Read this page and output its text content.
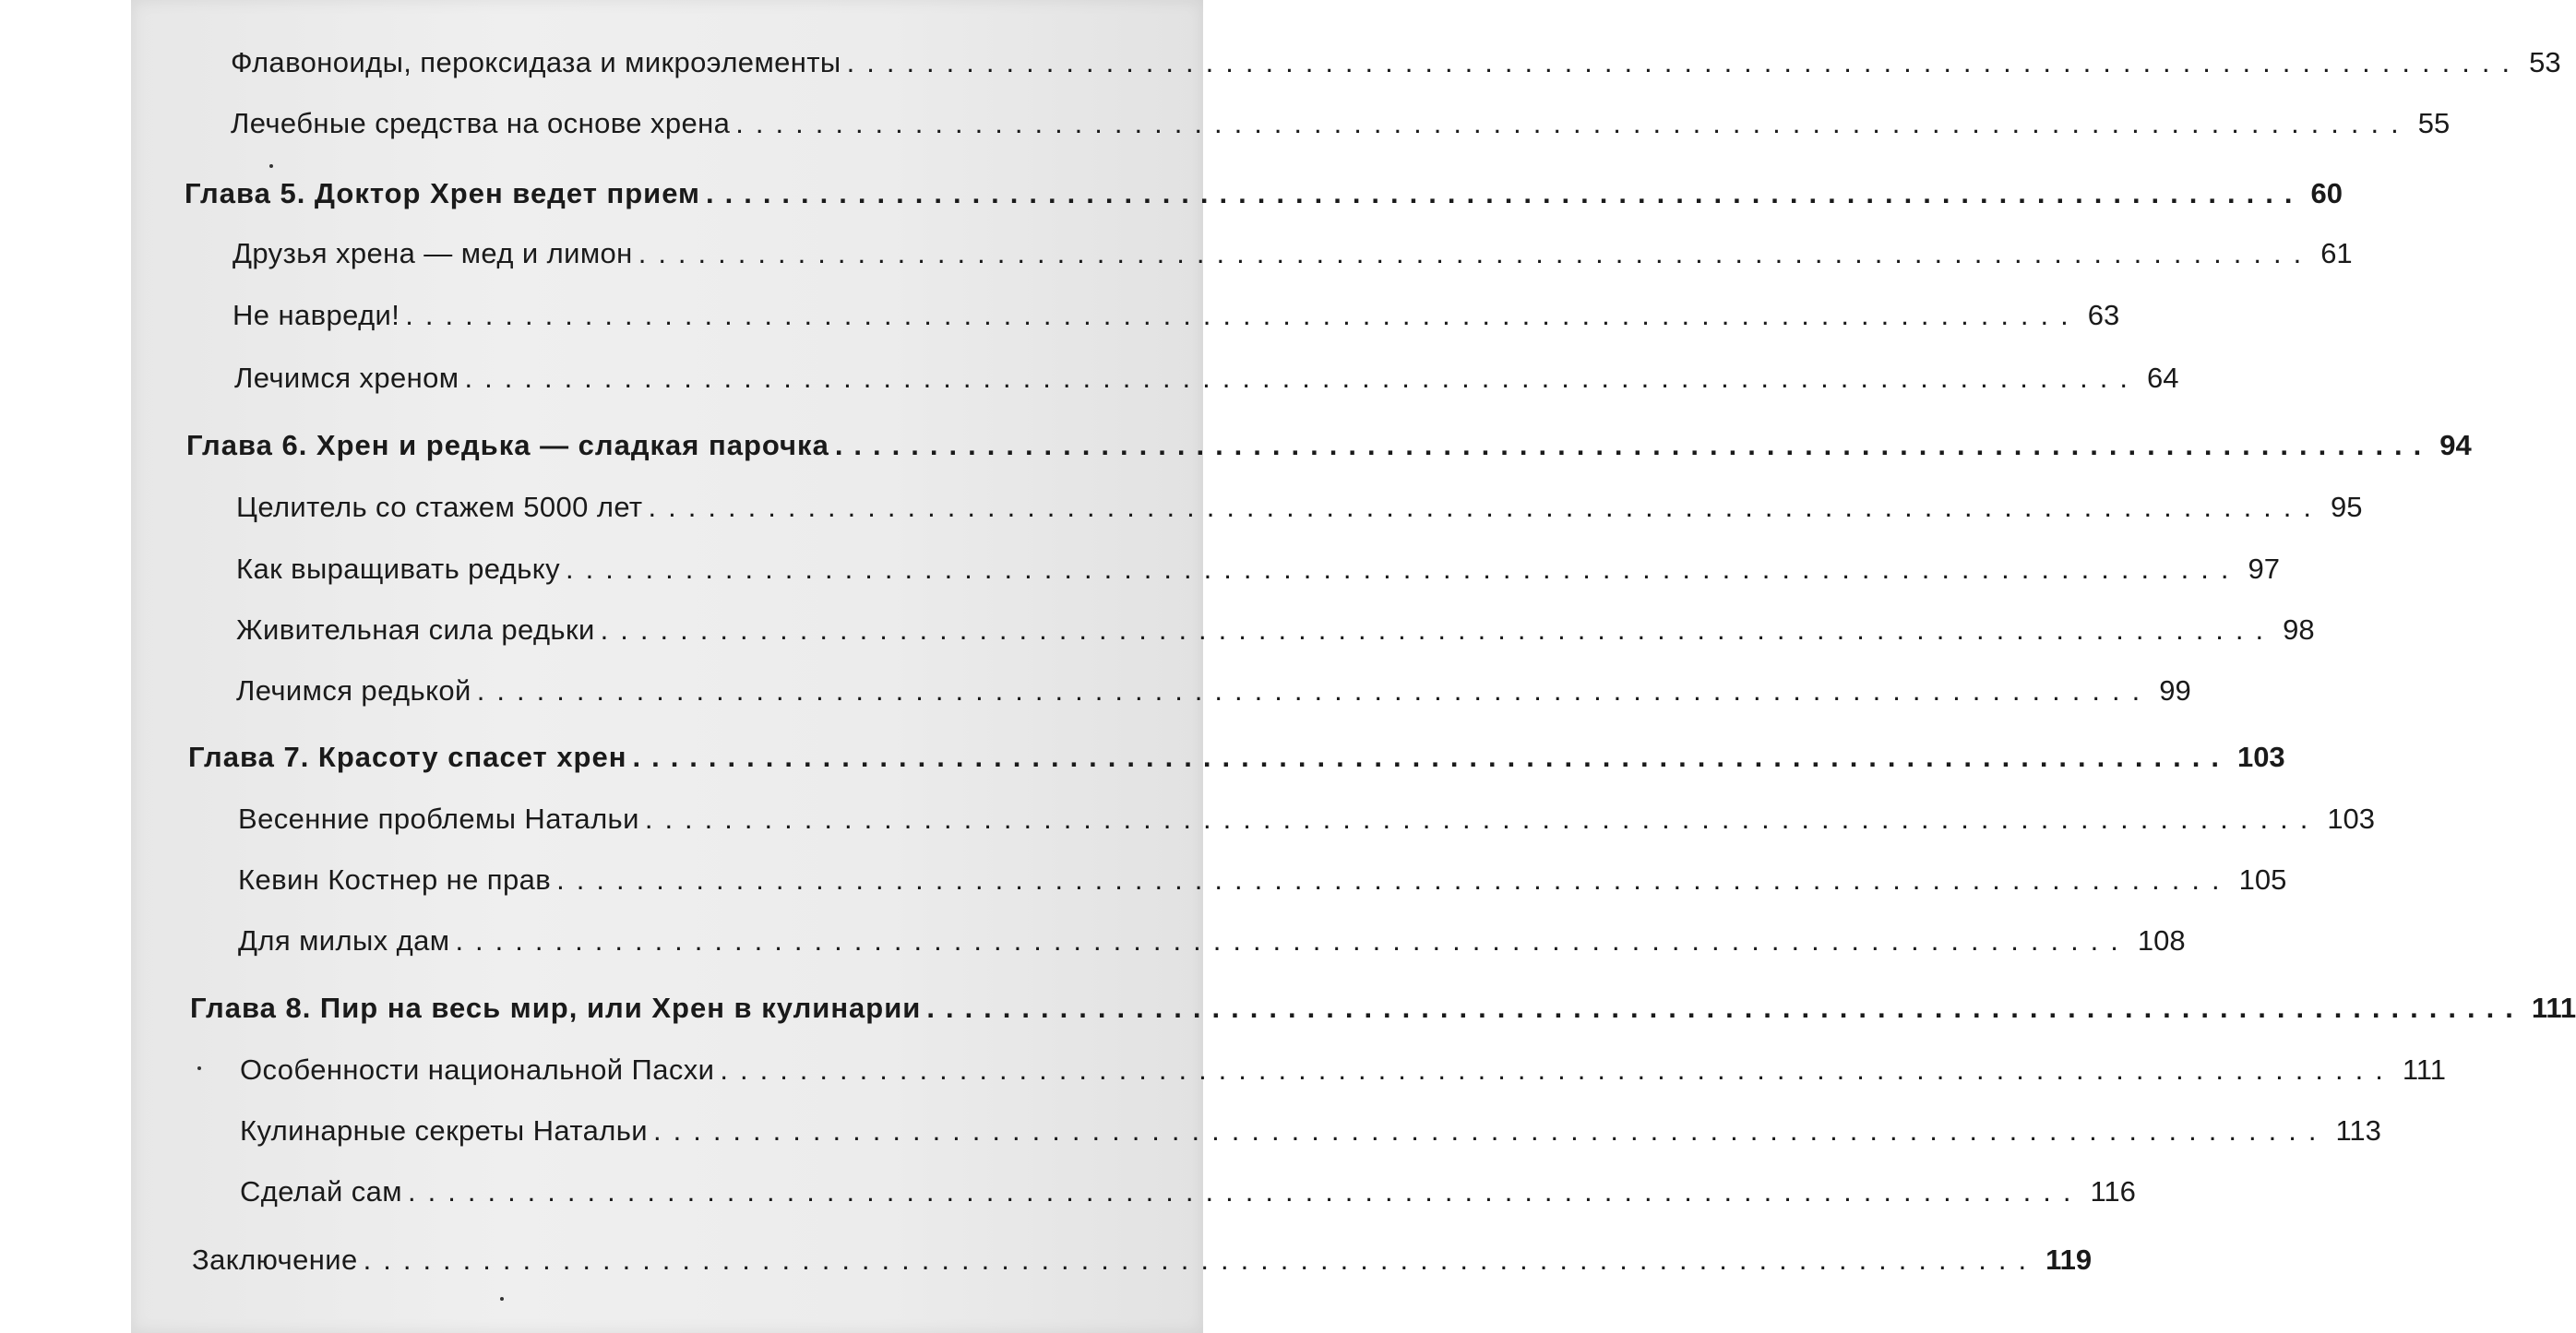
Флавоноиды, пероксидаза и микроэлементы .................................................................................... 53
Лечебные средства на основе хрена .................................................................................... 55
Глава 5. Доктор Хрен ведет прием .................................................................................... 60
Друзья хрена — мед и лимон .................................................................................... 61
Не навреди! .................................................................................... 63
Лечимся хреном .................................................................................... 64
Глава 6. Хрен и редька — сладкая парочка .................................................................................... 94
Целитель со стажем 5000 лет .................................................................................... 95
Как выращивать редьку .................................................................................... 97
Живительная сила редьки .................................................................................... 98
Лечимся редькой .................................................................................... 99
Глава 7. Красоту спасет хрен .................................................................................... 103
Весенние проблемы Натальи .................................................................................... 103
Кевин Костнер не прав .................................................................................... 105
Для милых дам .................................................................................... 108
Глава 8. Пир на весь мир, или Хрен в кулинарии .................................................................................... 111
Особенности национальной Пасхи .................................................................................... 111
Кулинарные секреты Натальи .................................................................................... 113
Сделай сам .................................................................................... 116
Заключение .................................................................................... 119
